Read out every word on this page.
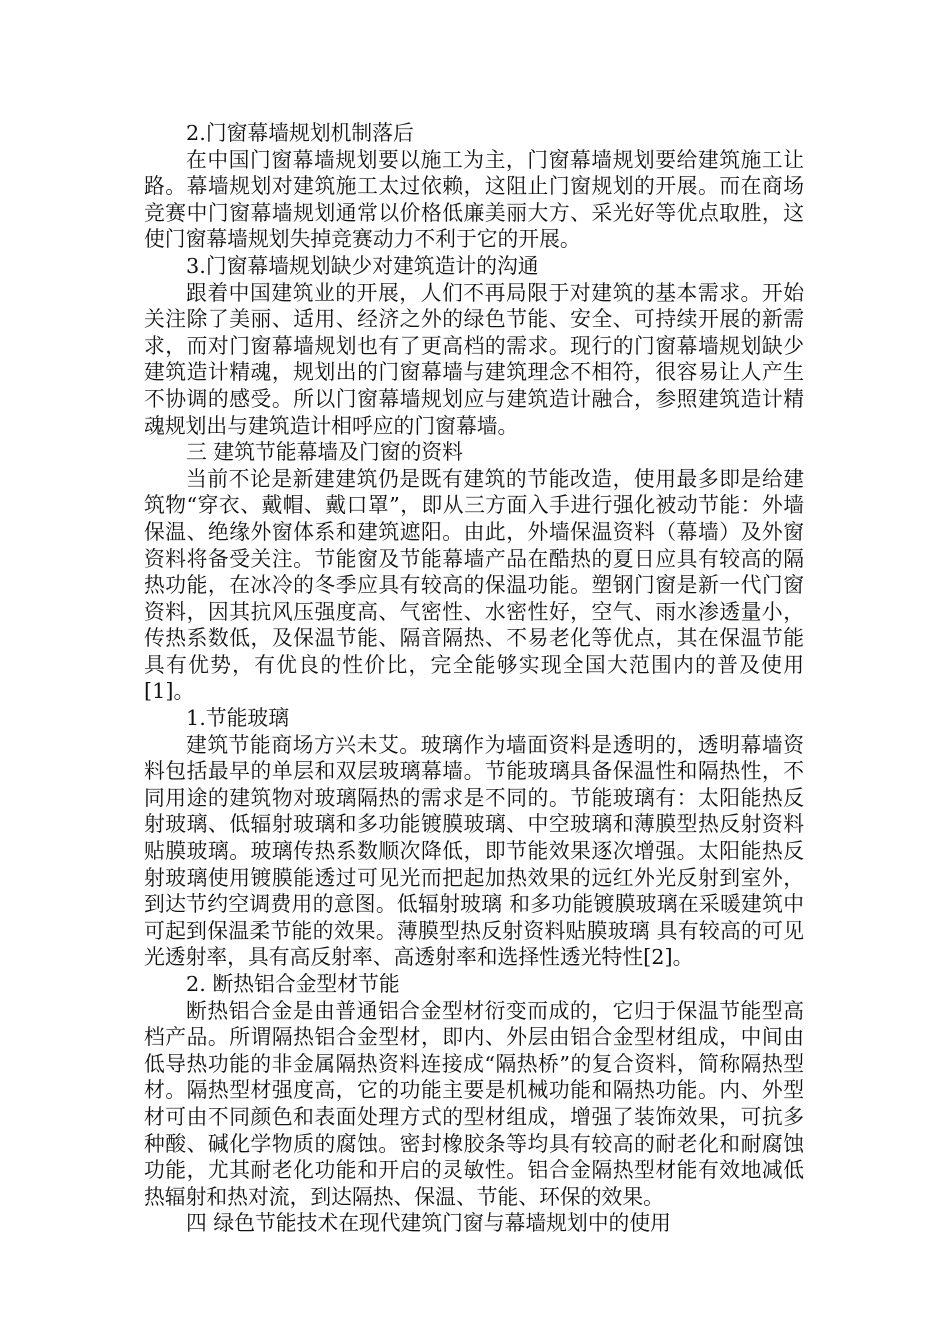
2.门窗幕墙规划机制落后

在中国门窗幕墙规划要以施工为主，门窗幕墙规划要给建筑施工让路。幕墙规划对建筑施工太过依赖，这阻止门窗规划的开展。而在商场竞赛中门窗幕墙规划通常以价格低廉美丽大方、采光好等优点取胜，这使门窗幕墙规划失掉竞赛动力不利于它的开展。

3.门窗幕墙规划缺少对建筑造计的沟通

跟着中国建筑业的开展，人们不再局限于对建筑的基本需求。开始关注除了美丽、适用、经济之外的绿色节能、安全、可持续开展的新需求，而对门窗幕墙规划也有了更高档的需求。现行的门窗幕墙规划缺少建筑造计精魂，规划出的门窗幕墙与建筑理念不相符，很容易让人产生不协调的感受。所以门窗幕墙规划应与建筑造计融合，参照建筑造计精魂规划出与建筑造计相呼应的门窗幕墙。

三 建筑节能幕墙及门窗的资料

当前不论是新建建筑仍是既有建筑的节能改造，使用最多即是给建筑物“穿衣、戴帽、戴口罩”，即从三方面入手进行强化被动节能：外墙保温、绝缘外窗体系和建筑遮阳。由此，外墙保温资料（幕墙）及外窗资料将备受关注。节能窗及节能幕墙产品在酷热的夏日应具有较高的隔热功能，在冰冷的冬季应具有较高的保温功能。塑钢门窗是新一代门窗资料，因其抗风压强度高、气密性、水密性好，空气、雨水渗透量小，传热系数低，及保温节能、隔音隔热、不易老化等优点，其在保温节能具有优势，有优良的性价比，完全能够实现全国大范围内的普及使用[1]。

1.节能玻璃

建筑节能商场方兴未艾。玻璃作为墙面资料是透明的，透明幕墙资料包括最早的单层和双层玻璃幕墙。节能玻璃具备保温性和隔热性，不同用途的建筑物对玻璃隔热的需求是不同的。节能玻璃有：太阳能热反射玻璃、低辐射玻璃和多功能镀膜玻璃、中空玻璃和薄膜型热反射资料贴膜玻璃。玻璃传热系数顺次降低，即节能效果逐次增强。太阳能热反射玻璃使用镀膜能透过可见光而把起加热效果的远红外光反射到室外，到达节约空调费用的意图。低辐射玻璃 和多功能镀膜玻璃在采暖建筑中可起到保温柔节能的效果。薄膜型热反射资料贴膜玻璃 具有较高的可见光透射率，具有高反射率、高透射率和选择性透光特性[2]。

2. 断热铝合金型材节能

断热铝合金是由普通铝合金型材衍变而成的，它归于保温节能型高档产品。所谓隔热铝合金型材，即内、外层由铝合金型材组成，中间由低导热功能的非金属隔热资料连接成“隔热桥”的复合资料，简称隔热型材。隔热型材强度高，它的功能主要是机械功能和隔热功能。内、外型材可由不同颜色和表面处理方式的型材组成，增强了装饰效果，可抗多种酸、碱化学物质的腐蚀。密封橡胶条等均具有较高的耐老化和耐腐蚀功能，尤其耐老化功能和开启的灵敏性。铝合金隔热型材能有效地减低热辐射和热对流，到达隔热、保温、节能、环保的效果。

四 绿色节能技术在现代建筑门窗与幕墙规划中的使用
